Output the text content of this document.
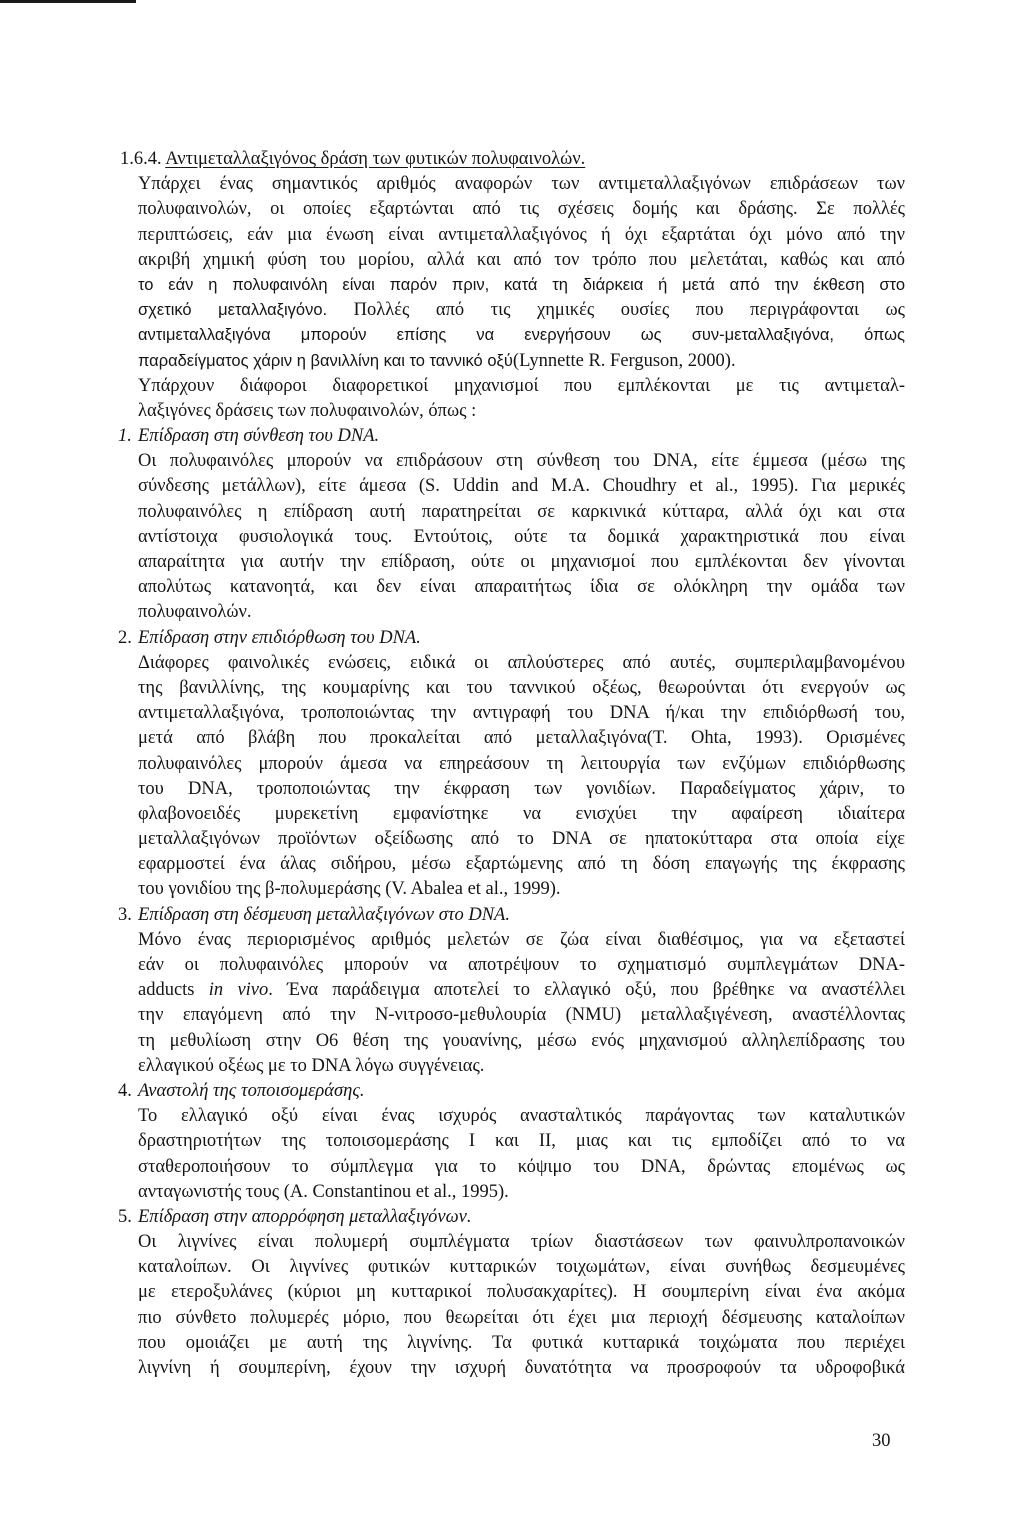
1.6.4. Αντιμεταλλαξιγόνος δράση των φυτικών πολυφαινολών.
Υπάρχει ένας σημαντικός αριθμός αναφορών των αντιμεταλλαξιγόνων επιδράσεων των
πολυφαινολών, οι οποίες εξαρτώνται από τις σχέσεις δομής και δράσης. Σε πολλές
περιπτώσεις, εάν μια ένωση είναι αντιμεταλλαξιγόνος ή όχι εξαρτάται όχι μόνο από την
ακριβή χημική φύση του μορίου, αλλά και από τον τρόπο που μελετάται, καθώς και από
το εάν η πολυφαινόλη είναι παρόν πριν, κατά τη διάρκεια ή μετά από την έκθεση στο
σχετικό μεταλλαξιγόνο. Πολλές από τις χημικές ουσίες που περιγράφονται ως
αντιμεταλλαξιγόνα μπορούν επίσης να ενεργήσουν ως συν-μεταλλαξιγόνα, όπως
παραδείγματος χάριν η βανιλλίνη και το ταννικό οξύ(Lynnette R. Ferguson, 2000).
Υπάρχουν διάφοροι διαφορετικοί μηχανισμοί που εμπλέκονται με τις αντιμεταλ-
λαξιγόνες δράσεις των πολυφαινολών, όπως :
1. Επίδραση στη σύνθεση του DNA.
Οι πολυφαινόλες μπορούν να επιδράσουν στη σύνθεση του DNA, είτε έμμεσα (μέσω της
σύνδεσης μετάλλων), είτε άμεσα (S. Uddin and M.A. Choudhry et al., 1995). Για μερικές
πολυφαινόλες η επίδραση αυτή παρατηρείται σε καρκινικά κύτταρα, αλλά όχι και στα
αντίστοιχα φυσιολογικά τους. Εντούτοις, ούτε τα δομικά χαρακτηριστικά που είναι
απαραίτητα για αυτήν την επίδραση, ούτε οι μηχανισμοί που εμπλέκονται δεν γίνονται
απολύτως κατανοητά, και δεν είναι απαραιτήτως ίδια σε ολόκληρη την ομάδα των
πολυφαινολών.
2. Επίδραση στην επιδιόρθωση του DNA.
Διάφορες φαινολικές ενώσεις, ειδικά οι απλούστερες από αυτές, συμπεριλαμβανομένου
της βανιλλίνης, της κουμαρίνης και του ταννικού οξέως, θεωρούνται ότι ενεργούν ως
αντιμεταλλαξιγόνα, τροποποιώντας την αντιγραφή του DNA ή/και την επιδιόρθωσή του,
μετά από βλάβη που προκαλείται από μεταλλαξιγόνα(T. Ohta, 1993). Ορισμένες
πολυφαινόλες μπορούν άμεσα να επηρεάσουν τη λειτουργία των ενζύμων επιδιόρθωσης
του DNA, τροποποιώντας την έκφραση των γονιδίων. Παραδείγματος χάριν, το
φλαβονοειδές μυρεκετίνη εμφανίστηκε να ενισχύει την αφαίρεση ιδιαίτερα
μεταλλαξιγόνων προϊόντων οξείδωσης από το DNA σε ηπατοκύτταρα στα οποία είχε
εφαρμοστεί ένα άλας σιδήρου, μέσω εξαρτώμενης από τη δόση επαγωγής της έκφρασης
του γονιδίου της β-πολυμεράσης (V. Abalea et al., 1999).
3. Επίδραση στη δέσμευση μεταλλαξιγόνων στο DNA.
Μόνο ένας περιορισμένος αριθμός μελετών σε ζώα είναι διαθέσιμος, για να εξεταστεί
εάν οι πολυφαινόλες μπορούν να αποτρέψουν το σχηματισμό συμπλεγμάτων DNA-
adducts in vivo. Ένα παράδειγμα αποτελεί το ελλαγικό οξύ, που βρέθηκε να αναστέλλει
την επαγόμενη από την N-νιτροσο-μεθυλουρία (NMU) μεταλλαξιγένεση, αναστέλλοντας
τη μεθυλίωση στην O6 θέση της γουανίνης, μέσω ενός μηχανισμού αλληλεπίδρασης του
ελλαγικού οξέως με το DNA λόγω συγγένειας.
4. Αναστολή της τοποισομεράσης.
Το ελλαγικό οξύ είναι ένας ισχυρός ανασταλτικός παράγοντας των καταλυτικών
δραστηριοτήτων της τοποισομεράσης I και II, μιας και τις εμποδίζει από το να
σταθεροποιήσουν το σύμπλεγμα για το κόψιμο του DNA, δρώντας επομένως ως
ανταγωνιστής τους (A. Constantinou et al., 1995).
5. Επίδραση στην απορρόφηση μεταλλαξιγόνων.
Οι λιγνίνες είναι πολυμερή συμπλέγματα τρίων διαστάσεων των φαινυλπροπανοικών
καταλοίπων. Οι λιγνίνες φυτικών κυτταρικών τοιχωμάτων, είναι συνήθως δεσμευμένες
με ετεροξυλάνες (κύριοι μη κυτταρικοί πολυσακχαρίτες). Η σουμπερίνη είναι ένα ακόμα
πιο σύνθετο πολυμερές μόριο, που θεωρείται ότι έχει μια περιοχή δέσμευσης καταλοίπων
που ομοιάζει με αυτή της λιγνίνης. Τα φυτικά κυτταρικά τοιχώματα που περιέχει
λιγνίνη ή σουμπερίνη, έχουν την ισχυρή δυνατότητα να προσροφούν τα υδροφοβικά
30
